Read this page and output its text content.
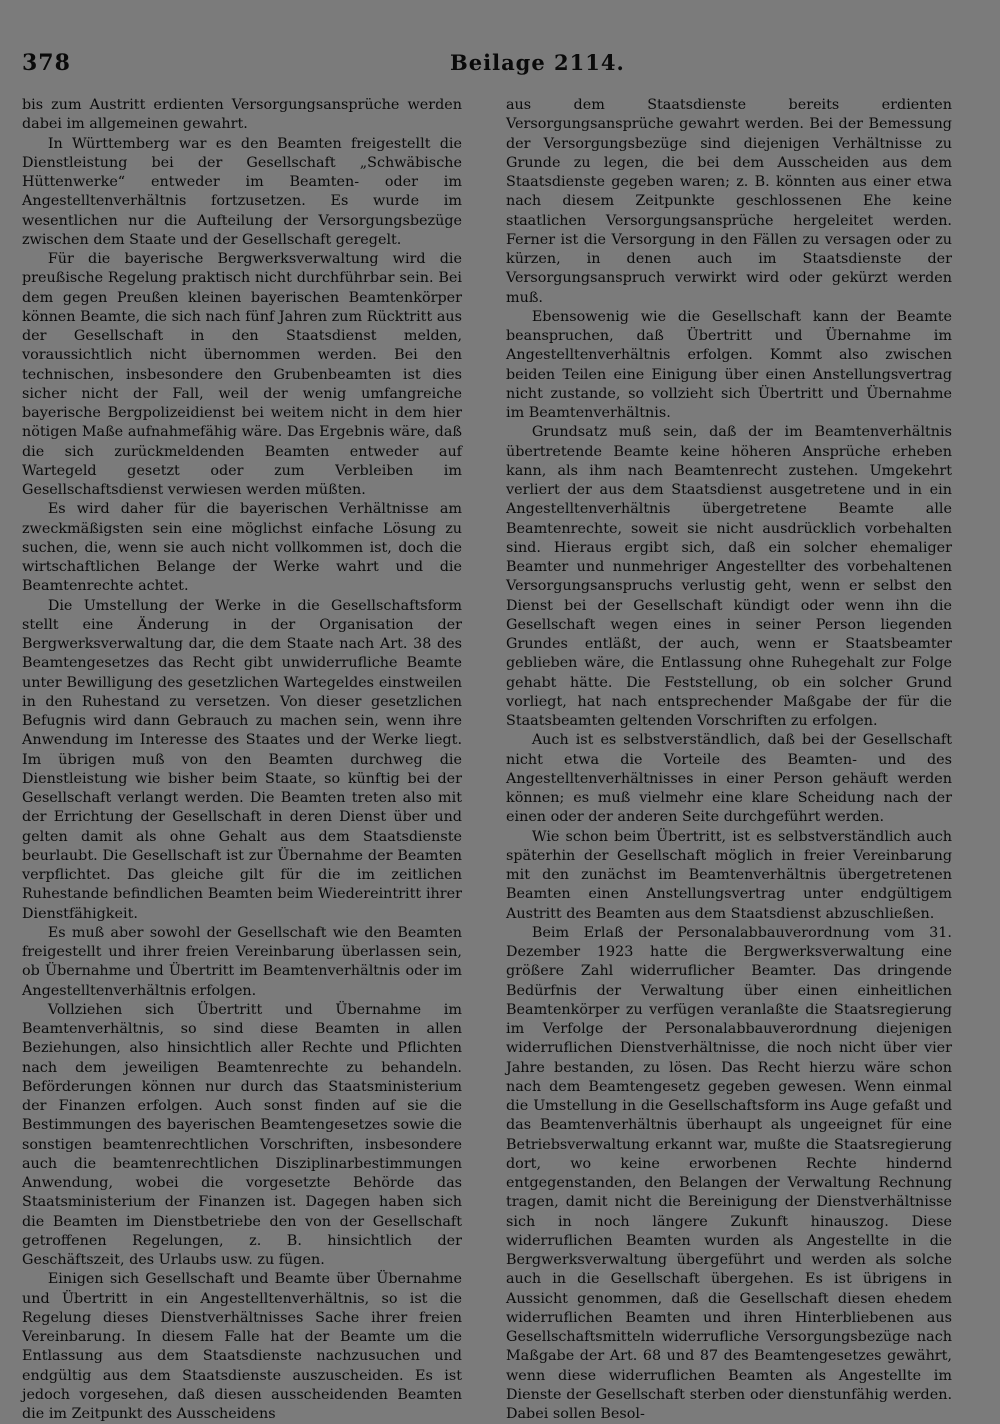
378	Beilage 2114.

bis zum Austritt erdienten Versorgungsansprüche werden dabei im allgemeinen gewahrt.

In Württemberg war es den Beamten freigestellt die Dienstleistung bei der Gesellschaft „Schwäbische Hüttenwerke“ entweder im Beamten- oder im Angestelltenverhältnis fortzusetzen. Es wurde im wesentlichen nur die Aufteilung der Versorgungsbezüge zwischen dem Staate und der Gesellschaft geregelt.

Für die bayerische Bergwerksverwaltung wird die preußische Regelung praktisch nicht durchführbar sein. Bei dem gegen Preußen kleinen bayerischen Beamtenkörper können Beamte, die sich nach fünf Jahren zum Rücktritt aus der Gesellschaft in den Staatsdienst melden, voraussichtlich nicht übernommen werden. Bei den technischen, insbesondere den Grubenbeamten ist dies sicher nicht der Fall, weil der wenig umfangreiche bayerische Bergpolizeidienst bei weitem nicht in dem hier nötigen Maße aufnahmefähig wäre. Das Ergebnis wäre, daß die sich zurückmeldenden Beamten entweder auf Wartegeld gesetzt oder zum Verbleiben im Gesellschaftsdienst verwiesen werden müßten.

Es wird daher für die bayerischen Verhältnisse am zweckmäßigsten sein eine möglichst einfache Lösung zu suchen, die, wenn sie auch nicht vollkommen ist, doch die wirtschaftlichen Belange der Werke wahrt und die Beamtenrechte achtet.

Die Umstellung der Werke in die Gesellschaftsform stellt eine Änderung in der Organisation der Bergwerksverwaltung dar, die dem Staate nach Art. 38 des Beamtengesetzes das Recht gibt unwiderrufliche Beamte unter Bewilligung des gesetzlichen Wartegeldes einstweilen in den Ruhestand zu versetzen. Von dieser gesetzlichen Befugnis wird dann Gebrauch zu machen sein, wenn ihre Anwendung im Interesse des Staates und der Werke liegt. Im übrigen muß von den Beamten durchweg die Dienstleistung wie bisher beim Staate, so künftig bei der Gesellschaft verlangt werden. Die Beamten treten also mit der Errichtung der Gesellschaft in deren Dienst über und gelten damit als ohne Gehalt aus dem Staatsdienste beurlaubt. Die Gesellschaft ist zur Übernahme der Beamten verpflichtet. Das gleiche gilt für die im zeitlichen Ruhestande befindlichen Beamten beim Wiedereintritt ihrer Dienstfähigkeit.

Es muß aber sowohl der Gesellschaft wie den Beamten freigestellt und ihrer freien Vereinbarung überlassen sein, ob Übernahme und Übertritt im Beamtenverhältnis oder im Angestelltenverhältnis erfolgen.

Vollziehen sich Übertritt und Übernahme im Beamtenverhältnis, so sind diese Beamten in allen Beziehungen, also hinsichtlich aller Rechte und Pflichten nach dem jeweiligen Beamtenrechte zu behandeln. Beförderungen können nur durch das Staatsministerium der Finanzen erfolgen. Auch sonst finden auf sie die Bestimmungen des bayerischen Beamtengesetzes sowie die sonstigen beamtenrechtlichen Vorschriften, insbesondere auch die beamtenrechtlichen Disziplinarbestimmungen Anwendung, wobei die vorgesetzte Behörde das Staatsministerium der Finanzen ist. Dagegen haben sich die Beamten im Dienstbetriebe den von der Gesellschaft getroffenen Regelungen, z. B. hinsichtlich der Geschäftszeit, des Urlaubs usw. zu fügen.

Einigen sich Gesellschaft und Beamte über Übernahme und Übertritt in ein Angestelltenverhältnis, so ist die Regelung dieses Dienstverhältnisses Sache ihrer freien Vereinbarung. In diesem Falle hat der Beamte um die Entlassung aus dem Staatsdienste nachzusuchen und endgültig aus dem Staatsdienste auszuscheiden. Es ist jedoch vorgesehen, daß diesen ausscheidenden Beamten die im Zeitpunkt des Ausscheidens

aus dem Staatsdienste bereits erdienten Versorgungsansprüche gewahrt werden. Bei der Bemessung der Versorgungsbezüge sind diejenigen Verhältnisse zu Grunde zu legen, die bei dem Ausscheiden aus dem Staatsdienste gegeben waren; z. B. könnten aus einer etwa nach diesem Zeitpunkte geschlossenen Ehe keine staatlichen Versorgungsansprüche hergeleitet werden. Ferner ist die Versorgung in den Fällen zu versagen oder zu kürzen, in denen auch im Staatsdienste der Versorgungsanspruch verwirkt wird oder gekürzt werden muß.

Ebensowenig wie die Gesellschaft kann der Beamte beanspruchen, daß Übertritt und Übernahme im Angestelltenverhältnis erfolgen. Kommt also zwischen beiden Teilen eine Einigung über einen Anstellungsvertrag nicht zustande, so vollzieht sich Übertritt und Übernahme im Beamtenverhältnis.

Grundsatz muß sein, daß der im Beamtenverhältnis übertretende Beamte keine höheren Ansprüche erheben kann, als ihm nach Beamtenrecht zustehen. Umgekehrt verliert der aus dem Staatsdienst ausgetretene und in ein Angestelltenverhältnis übergetretene Beamte alle Beamtenrechte, soweit sie nicht ausdrücklich vorbehalten sind. Hieraus ergibt sich, daß ein solcher ehemaliger Beamter und nunmehriger Angestellter des vorbehaltenen Versorgungsanspruchs verlustig geht, wenn er selbst den Dienst bei der Gesellschaft kündigt oder wenn ihn die Gesellschaft wegen eines in seiner Person liegenden Grundes entläßt, der auch, wenn er Staatsbeamter geblieben wäre, die Entlassung ohne Ruhegehalt zur Folge gehabt hätte. Die Feststellung, ob ein solcher Grund vorliegt, hat nach entsprechender Maßgabe der für die Staatsbeamten geltenden Vorschriften zu erfolgen.

Auch ist es selbstverständlich, daß bei der Gesellschaft nicht etwa die Vorteile des Beamten- und des Angestelltenverhältnisses in einer Person gehäuft werden können; es muß vielmehr eine klare Scheidung nach der einen oder der anderen Seite durchgeführt werden.

Wie schon beim Übertritt, ist es selbstverständlich auch späterhin der Gesellschaft möglich in freier Vereinbarung mit den zunächst im Beamtenverhältnis übergetretenen Beamten einen Anstellungsvertrag unter endgültigem Austritt des Beamten aus dem Staatsdienst abzuschließen.

Beim Erlaß der Personalabbauverordnung vom 31. Dezember 1923 hatte die Bergwerksverwaltung eine größere Zahl widerruflicher Beamter. Das dringende Bedürfnis der Verwaltung über einen einheitlichen Beamtenkörper zu verfügen veranlaßte die Staatsregierung im Verfolge der Personalabbauverordnung diejenigen widerruflichen Dienstverhältnisse, die noch nicht über vier Jahre bestanden, zu lösen. Das Recht hierzu wäre schon nach dem Beamtengesetz gegeben gewesen. Wenn einmal die Umstellung in die Gesellschaftsform ins Auge gefaßt und das Beamtenverhältnis überhaupt als ungeeignet für eine Betriebsverwaltung erkannt war, mußte die Staatsregierung dort, wo keine erworbenen Rechte hindernd entgegenstanden, den Belangen der Verwaltung Rechnung tragen, damit nicht die Bereinigung der Dienstverhältnisse sich in noch längere Zukunft hinauszog. Diese widerruflichen Beamten wurden als Angestellte in die Bergwerksverwaltung übergeführt und werden als solche auch in die Gesellschaft übergehen. Es ist übrigens in Aussicht genommen, daß die Gesellschaft diesen ehedem widerruflichen Beamten und ihren Hinterbliebenen aus Gesellschaftsmitteln widerrufliche Versorgungsbezüge nach Maßgabe der Art. 68 und 87 des Beamtengesetzes gewährt, wenn diese widerruflichen Beamten als Angestellte im Dienste der Gesellschaft sterben oder dienstunfähig werden. Dabei sollen Besol-
